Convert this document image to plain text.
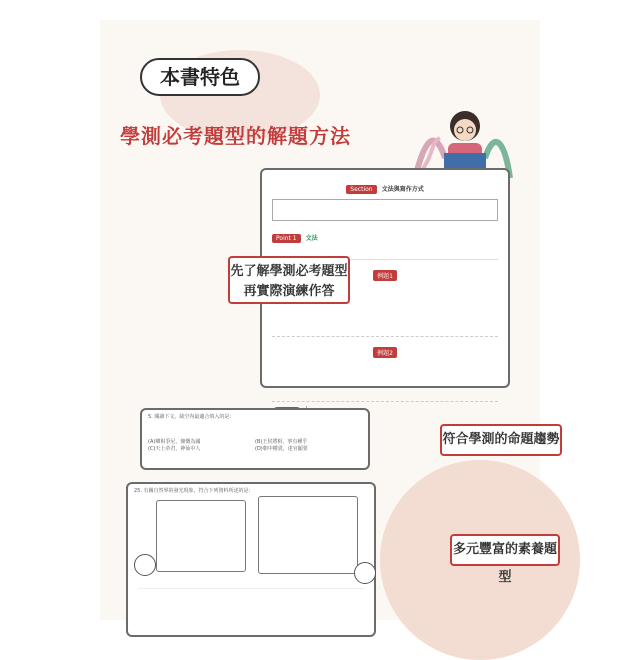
本書特色
學測必考題型的解題方法
Section 文法與寫作方式
Point 1 文法
例題1
例題2
5. 閱讀下文，缺空內最適合填入的是：
(A)卿相爭尼，慷慨為國	(B)王侯將相，寧有種乎
(C)天上帝君，神仙中人	(D)朝中權貴，達官顯要
25. 有關自然界的發光現象，符合下列資料所述的是：
先了解學測必考題型
再實際演練作答
符合學測的命題趨勢
多元豐富的素養題型
